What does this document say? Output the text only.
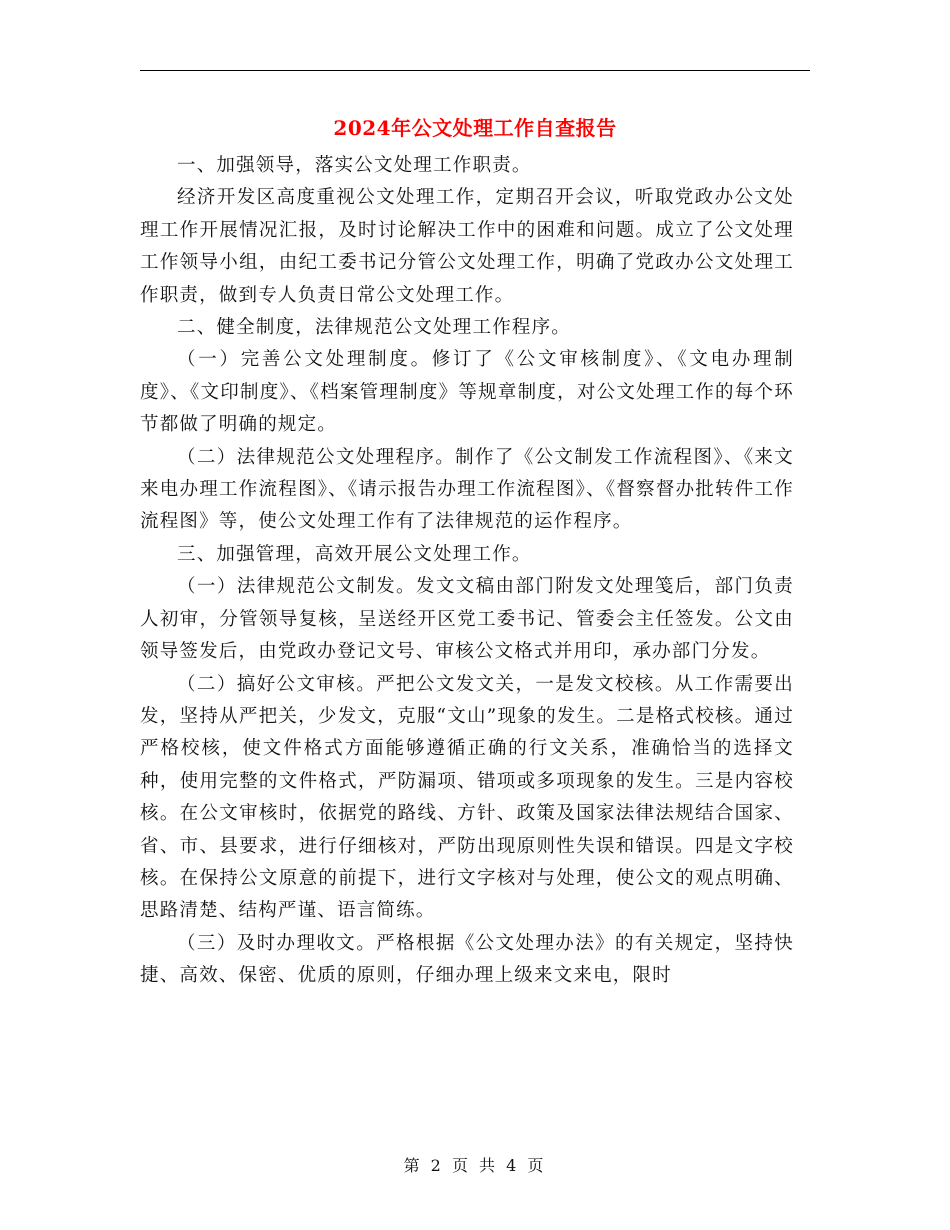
2024年公文处理工作自查报告

一、加强领导，落实公文处理工作职责。

经济开发区高度重视公文处理工作，定期召开会议，听取党政办公文处理工作开展情况汇报，及时讨论解决工作中的困难和问题。成立了公文处理工作领导小组，由纪工委书记分管公文处理工作，明确了党政办公文处理工作职责，做到专人负责日常公文处理工作。

二、健全制度，法律规范公文处理工作程序。

（一）完善公文处理制度。修订了《公文审核制度》、《文电办理制度》、《文印制度》、《档案管理制度》等规章制度，对公文处理工作的每个环节都做了明确的规定。

（二）法律规范公文处理程序。制作了《公文制发工作流程图》、《来文来电办理工作流程图》、《请示报告办理工作流程图》、《督察督办批转件工作流程图》等，使公文处理工作有了法律规范的运作程序。

三、加强管理，高效开展公文处理工作。

（一）法律规范公文制发。发文文稿由部门附发文处理笺后，部门负责人初审，分管领导复核，呈送经开区党工委书记、管委会主任签发。公文由领导签发后，由党政办登记文号、审核公文格式并用印，承办部门分发。

（二）搞好公文审核。严把公文发文关，一是发文校核。从工作需要出发，坚持从严把关，少发文，克服“文山”现象的发生。二是格式校核。通过严格校核，使文件格式方面能够遵循正确的行文关系，准确恰当的选择文种，使用完整的文件格式，严防漏项、错项或多项现象的发生。三是内容校核。在公文审核时，依据党的路线、方针、政策及国家法律法规结合国家、省、市、县要求，进行仔细核对，严防出现原则性失误和错误。四是文字校核。在保持公文原意的前提下，进行文字核对与处理，使公文的观点明确、思路清楚、结构严谨、语言简练。

（三）及时办理收文。严格根据《公文处理办法》的有关规定，坚持快捷、高效、保密、优质的原则，仔细办理上级来文来电，限时

第 2 页 共 4 页
